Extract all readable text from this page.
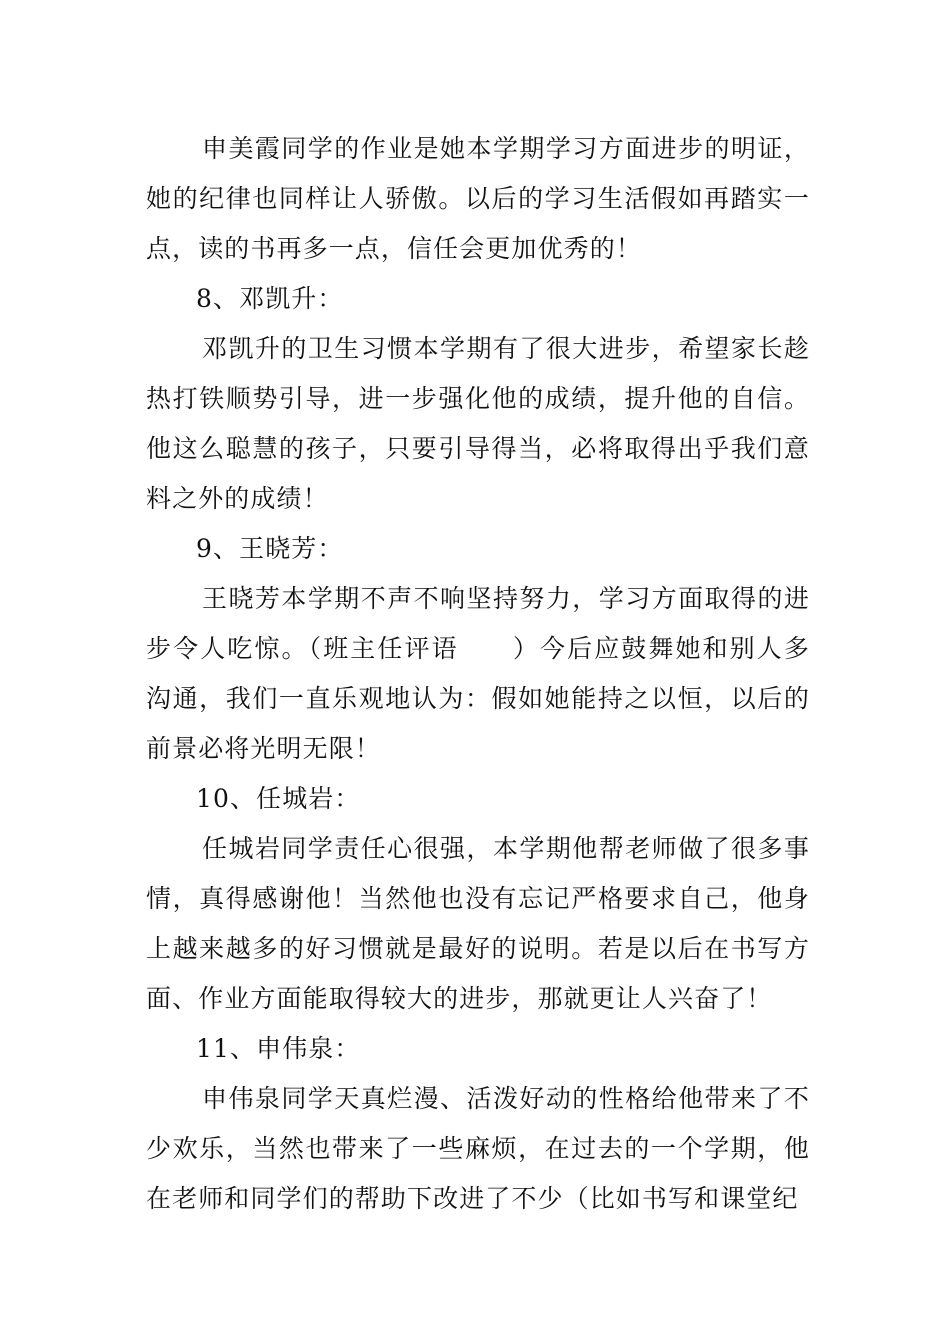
申美霞同学的作业是她本学期学习方面进步的明证，她的纪律也同样让人骄傲。以后的学习生活假如再踏实一点，读的书再多一点，信任会更加优秀的！

8、邓凯升：

邓凯升的卫生习惯本学期有了很大进步，希望家长趁热打铁顺势引导，进一步强化他的成绩，提升他的自信。他这么聪慧的孩子，只要引导得当，必将取得出乎我们意料之外的成绩！

9、王晓芳：

王晓芳本学期不声不响坚持努力，学习方面取得的进步令人吃惊。（班主任评语　　）今后应鼓舞她和别人多沟通，我们一直乐观地认为：假如她能持之以恒，以后的前景必将光明无限！

10、任城岩：

任城岩同学责任心很强，本学期他帮老师做了很多事情，真得感谢他！当然他也没有忘记严格要求自己，他身上越来越多的好习惯就是最好的说明。若是以后在书写方面、作业方面能取得较大的进步，那就更让人兴奋了！

11、申伟泉：

申伟泉同学天真烂漫、活泼好动的性格给他带来了不少欢乐，当然也带来了一些麻烦，在过去的一个学期，他在老师和同学们的帮助下改进了不少（比如书写和课堂纪
